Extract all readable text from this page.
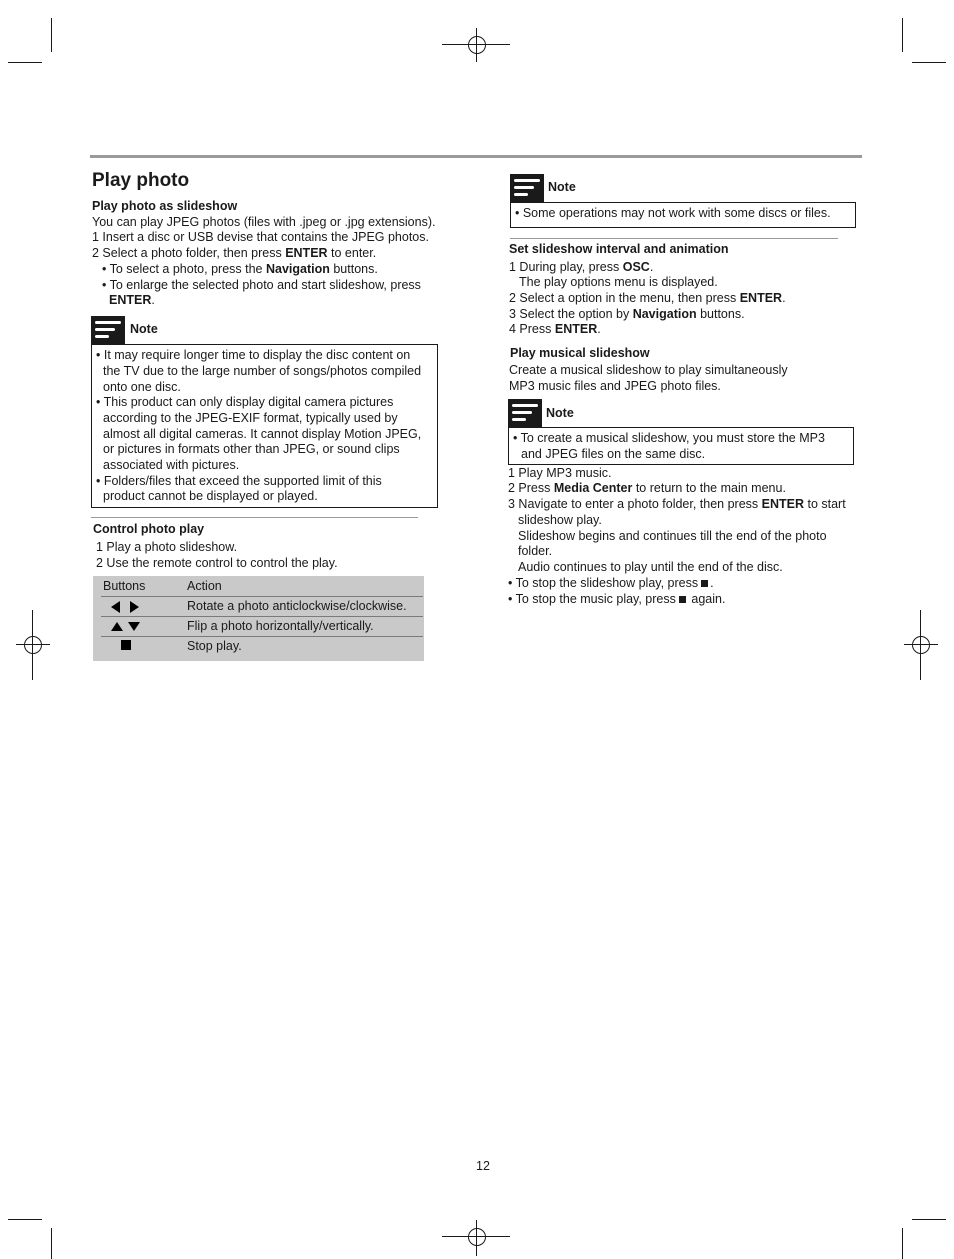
Play photo
Play photo as slideshow
You can play JPEG photos (files with .jpeg or .jpg extensions).
1 Insert a disc or USB devise that contains the JPEG photos.
2 Select a photo folder, then press ENTER to enter.
• To select a photo, press the Navigation buttons.
• To enlarge the selected photo and start slideshow, press
ENTER.
Note
• It may require longer time to display the disc content on
the TV due to the large number of songs/photos compiled
onto one disc.
• This product can only display digital camera pictures
according to the JPEG-EXIF format, typically used by
almost all digital cameras. It cannot display Motion JPEG,
or pictures in formats other than JPEG, or sound clips
associated with pictures.
• Folders/files that exceed the supported limit of this
product cannot be displayed or played.
Control photo play
1 Play a photo slideshow.
2 Use the remote control to control the play.
Buttons	Action
Rotate a photo anticlockwise/clockwise.
Flip a photo horizontally/vertically.
Stop play.
Note
• Some operations may not work with some discs or files.
Set slideshow interval and animation
1 During play, press OSC.
The play options menu is displayed.
2 Select a option in the menu, then press ENTER.
3 Select the option by Navigation buttons.
4 Press ENTER.
Play musical slideshow
Create a musical slideshow to play simultaneously
MP3 music files and JPEG photo files.
Note
• To create a musical slideshow, you must store the MP3
and JPEG files on the same disc.
1 Play MP3 music.
2 Press Media Center to return to the main menu.
3 Navigate to enter a photo folder, then press ENTER to start
slideshow play.
Slideshow begins and continues till the end of the photo
folder.
Audio continues to play until the end of the disc.
• To stop the slideshow play, press .
• To stop the music play, press again.
12
